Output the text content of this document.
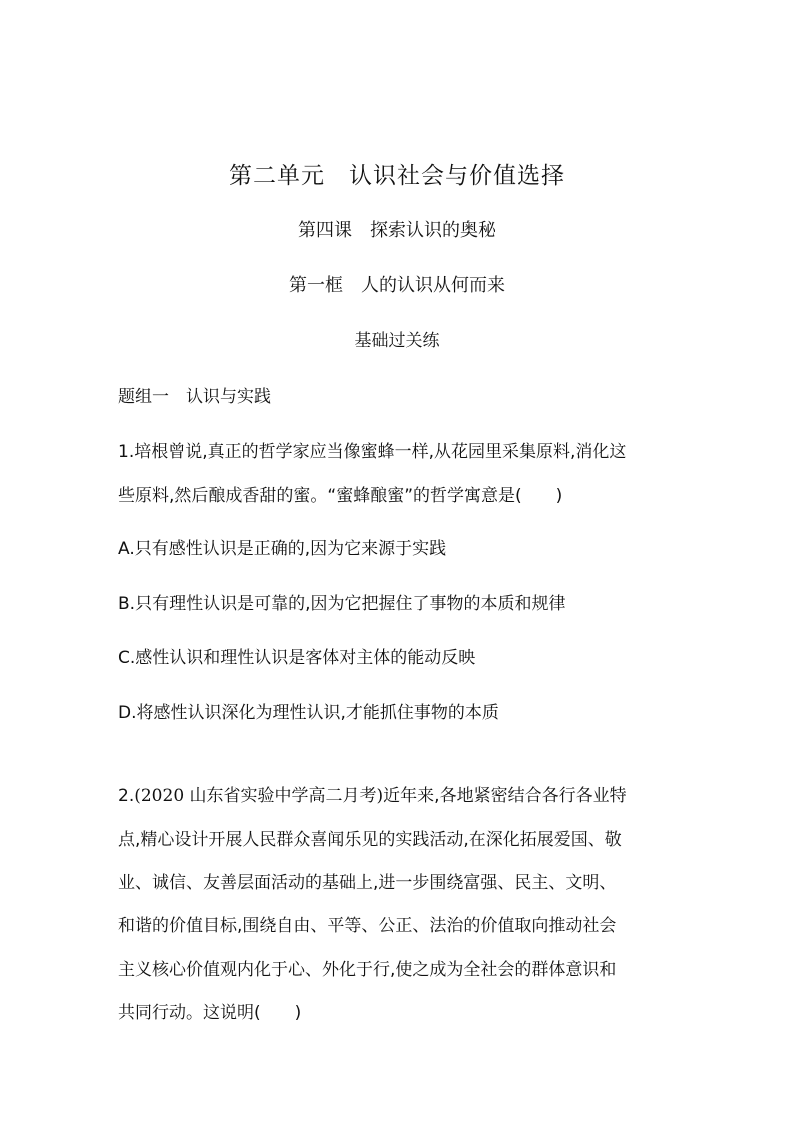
第二单元　认识社会与价值选择
第四课　探索认识的奥秘
第一框　人的认识从何而来
基础过关练
题组一　认识与实践
1.培根曾说,真正的哲学家应当像蜜蜂一样,从花园里采集原料,消化这
些原料,然后酿成香甜的蜜。“蜜蜂酿蜜”的哲学寓意是(　　)
A.只有感性认识是正确的,因为它来源于实践
B.只有理性认识是可靠的,因为它把握住了事物的本质和规律
C.感性认识和理性认识是客体对主体的能动反映
D.将感性认识深化为理性认识,才能抓住事物的本质
2.(2020 山东省实验中学高二月考)近年来,各地紧密结合各行各业特
点,精心设计开展人民群众喜闻乐见的实践活动,在深化拓展爱国、敬
业、诚信、友善层面活动的基础上,进一步围绕富强、民主、文明、
和谐的价值目标,围绕自由、平等、公正、法治的价值取向推动社会
主义核心价值观内化于心、外化于行,使之成为全社会的群体意识和
共同行动。这说明(　　)
